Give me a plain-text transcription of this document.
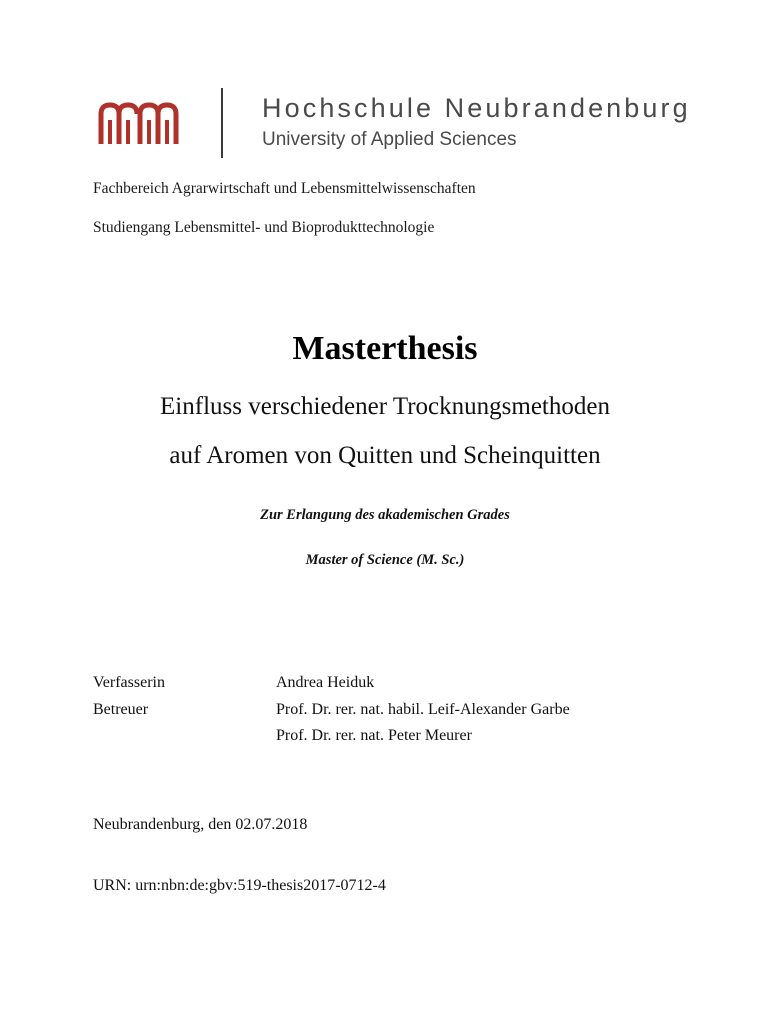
Hochschule Neubrandenburg
University of Applied Sciences
Fachbereich Agrarwirtschaft und Lebensmittelwissenschaften
Studiengang Lebensmittel- und Bioprodukttechnologie
Masterthesis
Einfluss verschiedener Trocknungsmethoden
auf Aromen von Quitten und Scheinquitten
Zur Erlangung des akademischen Grades
Master of Science (M. Sc.)
Verfasserin	Andrea Heiduk
Betreuer	Prof. Dr. rer. nat. habil. Leif-Alexander Garbe
Prof. Dr. rer. nat. Peter Meurer
Neubrandenburg, den 02.07.2018
URN: urn:nbn:de:gbv:519-thesis2017-0712-4
